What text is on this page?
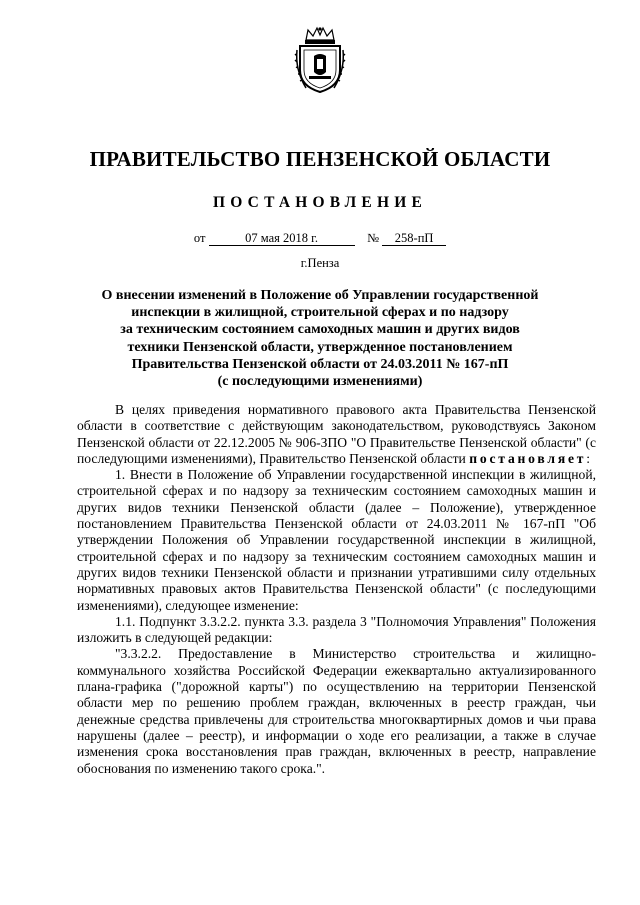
ПРАВИТЕЛЬСТВО ПЕНЗЕНСКОЙ ОБЛАСТИ
ПОСТАНОВЛЕНИЕ
от	07 мая 2018 г.	№ 258-пП
г.Пенза
О внесении изменений в Положение об Управлении государственной
инспекции в жилищной, строительной сферах и по надзору
за техническим состоянием самоходных машин и других видов
техники Пензенской области, утвержденное постановлением
Правительства Пензенской области от 24.03.2011 № 167-пП
(с последующими изменениями)

В целях приведения нормативного правового акта Правительства Пензенской области в соответствие с действующим законодательством, руководствуясь Законом Пензенской области от 22.12.2005 № 906-ЗПО "О Правительстве Пензенской области" (с последующими изменениями), Правительство Пензенской области постановляет:

1. Внести в Положение об Управлении государственной инспекции в жилищной, строительной сферах и по надзору за техническим состоянием самоходных машин и других видов техники Пензенской области (далее – Положение), утвержденное постановлением Правительства Пензенской области от 24.03.2011 № 167-пП "Об утверждении Положения об Управлении государственной инспекции в жилищной, строительной сферах и по надзору за техническим состоянием самоходных машин и других видов техники Пензенской области и признании утратившими силу отдельных нормативных правовых актов Правительства Пензенской области" (с последующими изменениями), следующее изменение:

1.1. Подпункт 3.3.2.2. пункта 3.3. раздела 3 "Полномочия Управления" Положения изложить в следующей редакции:

"3.3.2.2. Предоставление в Министерство строительства и жилищно-коммунального хозяйства Российской Федерации ежеквартально актуализированного плана-графика ("дорожной карты") по осуществлению на территории Пензенской области мер по решению проблем граждан, включенных в реестр граждан, чьи денежные средства привлечены для строительства многоквартирных домов и чьи права нарушены (далее – реестр), и информации о ходе его реализации, а также в случае изменения срока восстановления прав граждан, включенных в реестр, направление обоснования по изменению такого срока.".
